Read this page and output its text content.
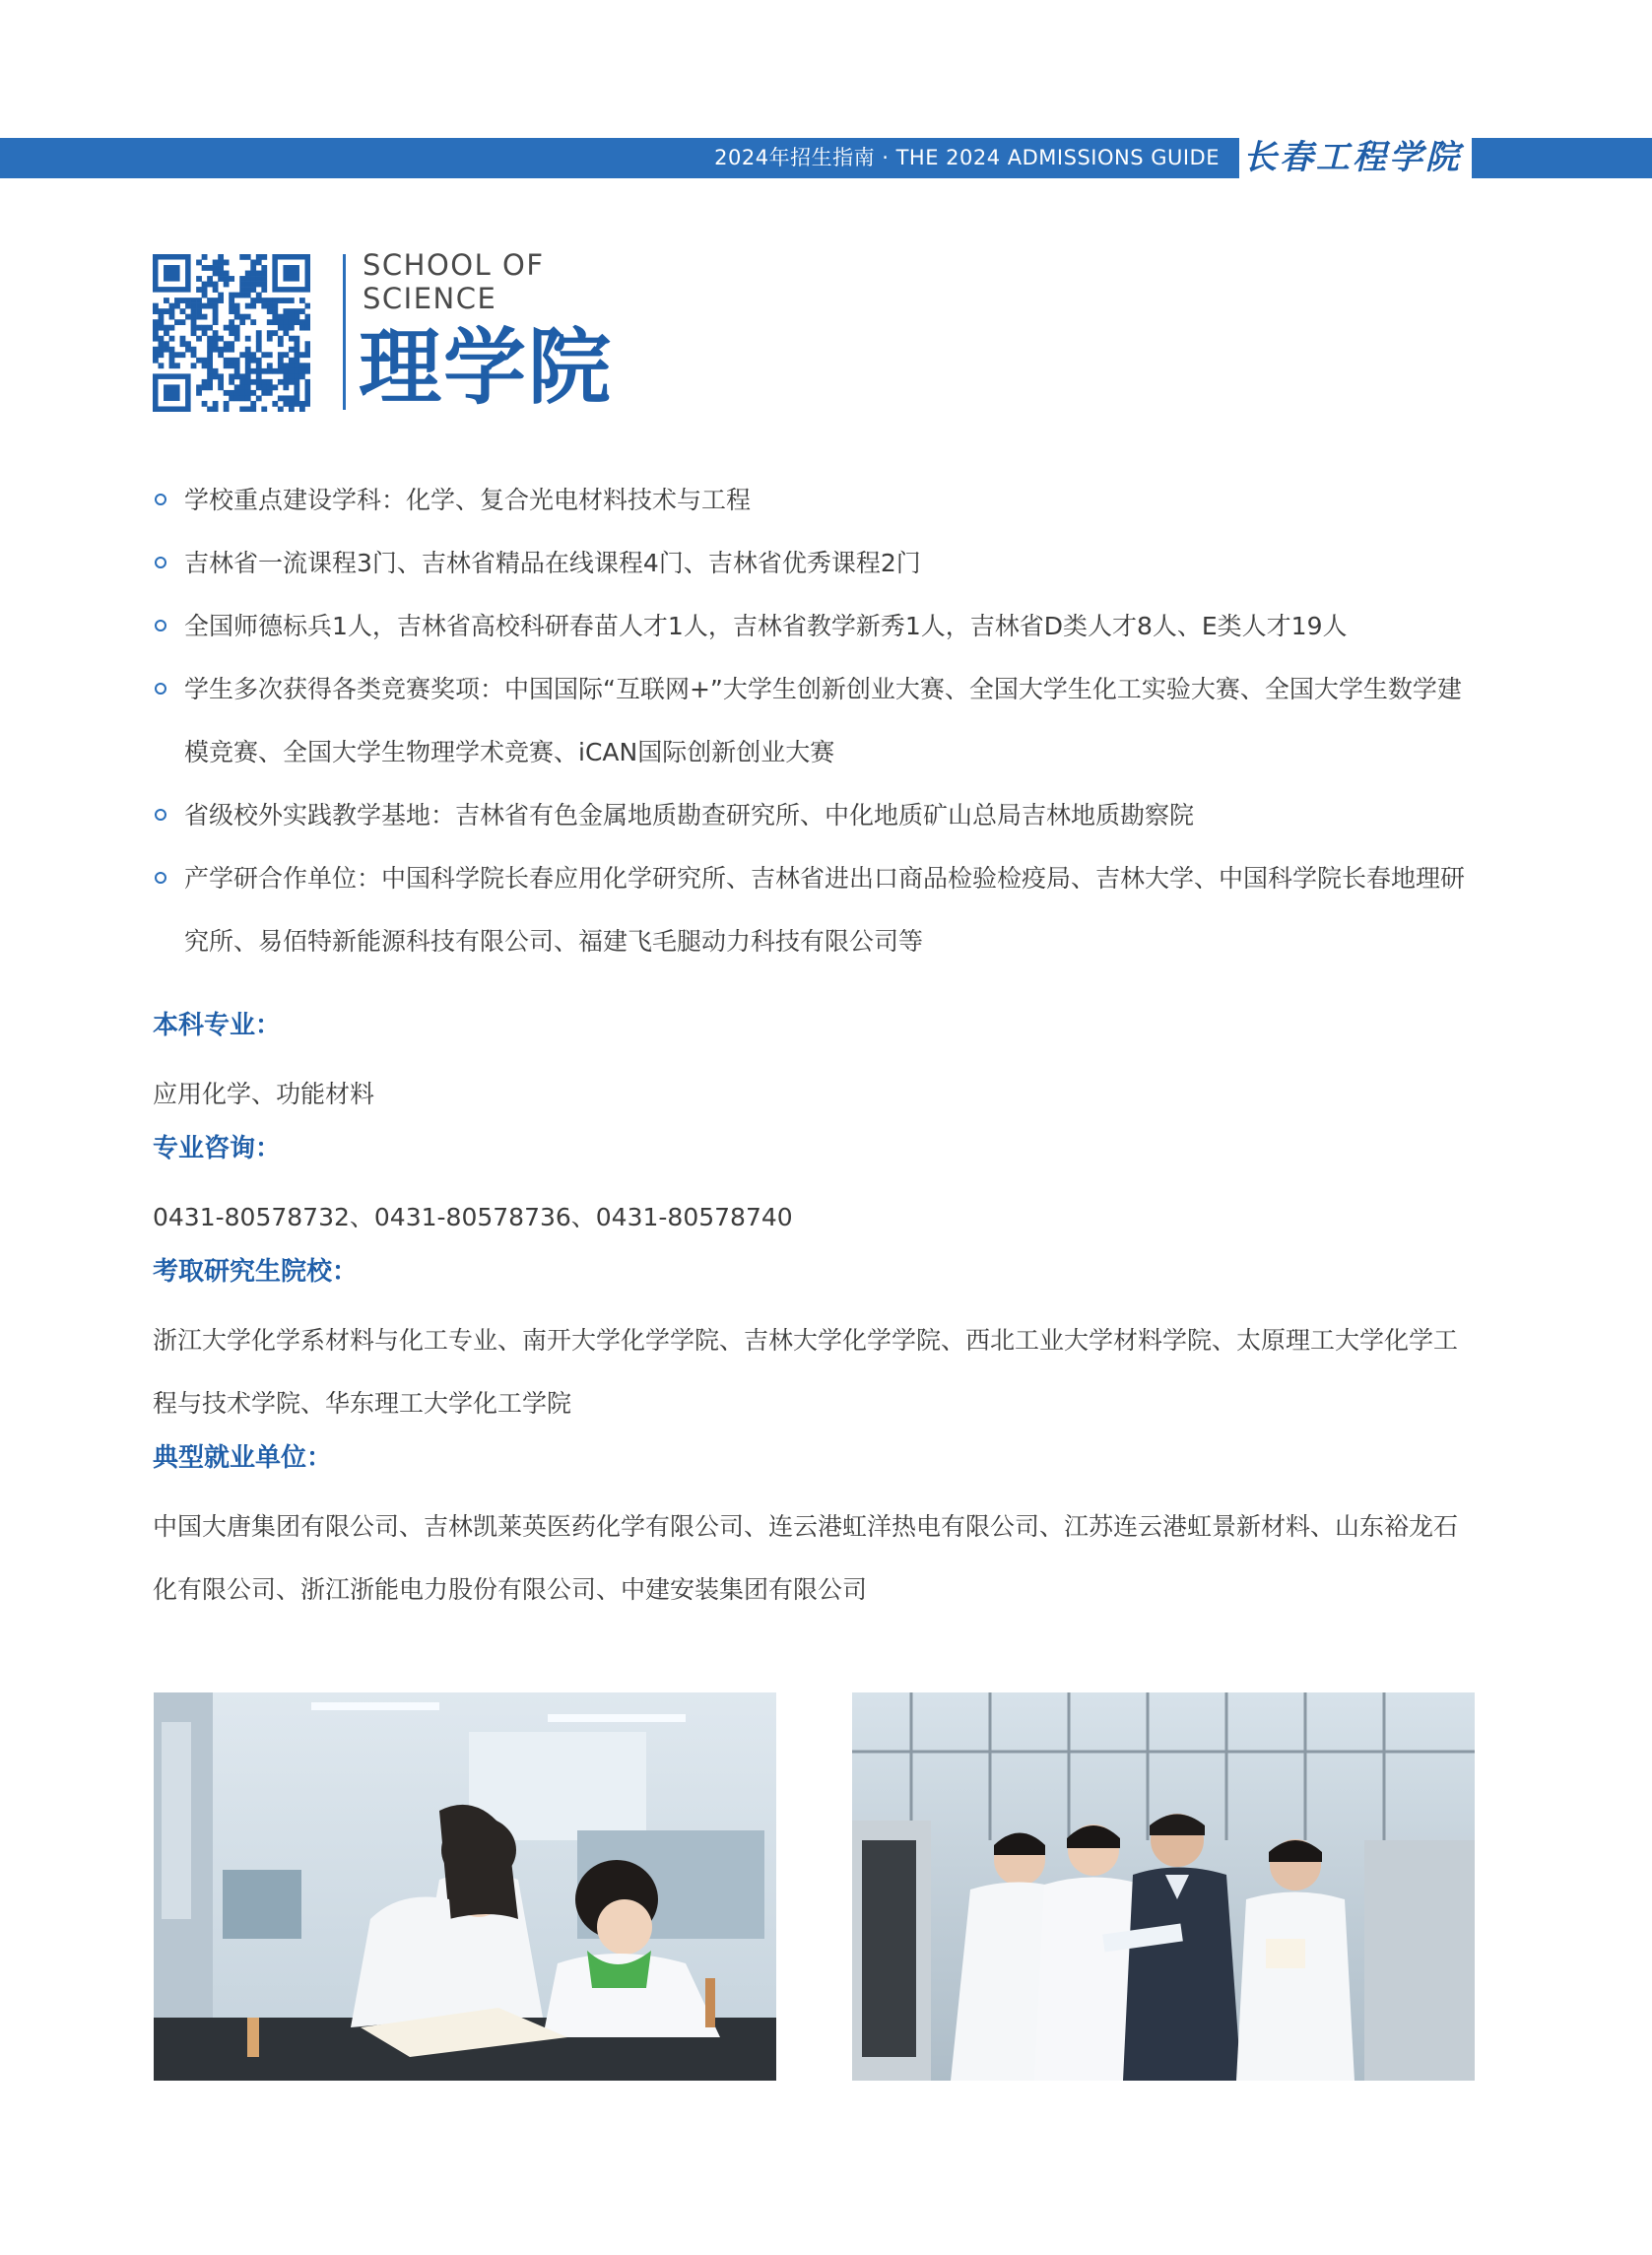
2024年招生指南 · THE 2024 ADMISSIONS GUIDE 长春工程学院
SCHOOL OF
SCIENCE
理学院
学校重点建设学科：化学、复合光电材料技术与工程
吉林省一流课程3门、吉林省精品在线课程4门、吉林省优秀课程2门
全国师德标兵1人，吉林省高校科研春苗人才1人，吉林省教学新秀1人，吉林省D类人才8人、E类人才19人
学生多次获得各类竞赛奖项：中国国际“互联网+”大学生创新创业大赛、全国大学生化工实验大赛、全国大学生数学建模竞赛、全国大学生物理学术竞赛、iCAN国际创新创业大赛
省级校外实践教学基地：吉林省有色金属地质勘查研究所、中化地质矿山总局吉林地质勘察院
产学研合作单位：中国科学院长春应用化学研究所、吉林省进出口商品检验检疫局、吉林大学、中国科学院长春地理研究所、易佰特新能源科技有限公司、福建飞毛腿动力科技有限公司等
本科专业：

应用化学、功能材料

专业咨询：

0431-80578732、0431-80578736、0431-80578740

考取研究生院校：

浙江大学化学系材料与化工专业、南开大学化学学院、吉林大学化学学院、西北工业大学材料学院、太原理工大学化学工程与技术学院、华东理工大学化工学院

典型就业单位：

中国大唐集团有限公司、吉林凯莱英医药化学有限公司、连云港虹洋热电有限公司、江苏连云港虹景新材料、山东裕龙石化有限公司、浙江浙能电力股份有限公司、中建安装集团有限公司
